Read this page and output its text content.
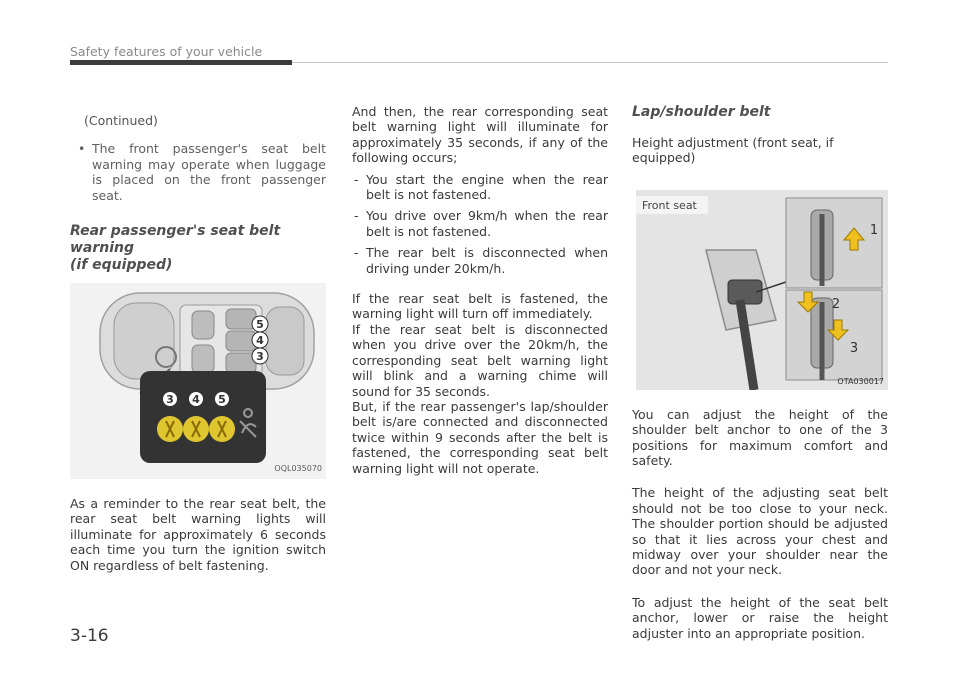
Safety features of your vehicle
(Continued)
• The front passenger's seat belt warning may operate when luggage is placed on the front passenger seat.
Rear passenger's seat belt warning
(if equipped)
5
4
3
3 4 5
OQL035070
As a reminder to the rear seat belt, the rear seat belt warning lights will illuminate for approximately 6 seconds each time you turn the ignition switch ON regardless of belt fastening.
And then, the rear corresponding seat belt warning light will illuminate for approximately 35 seconds, if any of the following occurs;
- You start the engine when the rear belt is not fastened.
- You drive over 9km/h when the rear belt is not fastened.
- The rear belt is disconnected when driving under 20km/h.
If the rear seat belt is fastened, the warning light will turn off immediately.
If the rear seat belt is disconnected when you drive over the 20km/h, the corresponding seat belt warning light will blink and a warning chime will sound for 35 seconds.
But, if the rear passenger's lap/shoulder belt is/are connected and disconnected twice within 9 seconds after the belt is fastened, the corresponding seat belt warning light will not operate.
Lap/shoulder belt
Height adjustment (front seat, if equipped)
1
2
3
Front seat
OTA030017
You can adjust the height of the shoulder belt anchor to one of the 3 positions for maximum comfort and safety.
The height of the adjusting seat belt should not be too close to your neck. The shoulder portion should be adjusted so that it lies across your chest and midway over your shoulder near the door and not your neck.
To adjust the height of the seat belt anchor, lower or raise the height adjuster into an appropriate position.
3-16
